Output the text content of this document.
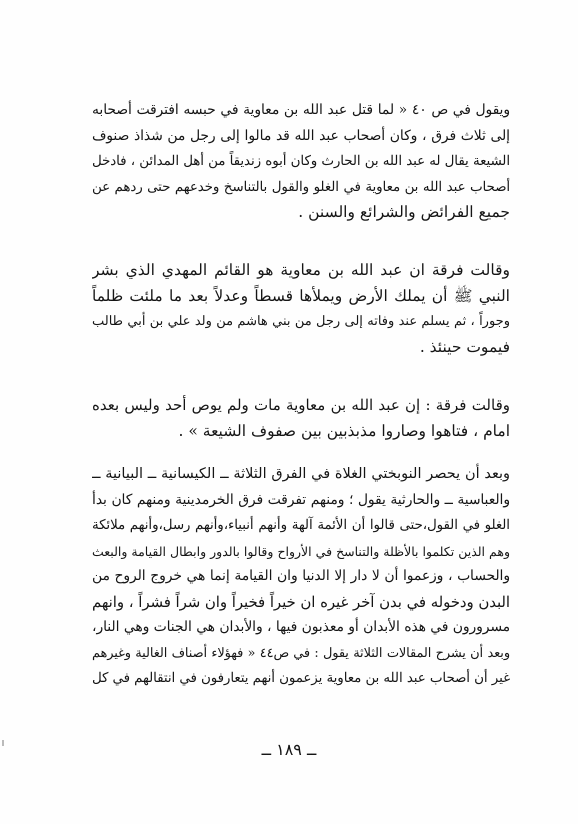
ويقول في ص ٤٠ « لما قتل عبد الله بن معاوية في حبسه افترقت أصحابه
إلى ثلاث فرق ، وكان أصحاب عبد الله قد مالوا إلى رجل من شذاذ صنوف
الشيعة يقال له عبد الله بن الحارث وكان أبوه زنديقاً من أهل المدائن ، فادخل
أصحاب عبد الله بن معاوية في الغلو والقول بالتناسخ وخدعهم حتى ردهم عن
جميع الفرائض والشرائع والسنن .
وقالت فرقة ان عبد الله بن معاوية هو القائم المهدي الذي بشر
النبي ﷺ أن يملك الأرض ويملأها قسطاً وعدلاً بعد ما ملئت ظلماً
وجوراً ، ثم يسلم عند وفاته إلى رجل من بني هاشم من ولد علي بن أبي طالب
فيموت حينئذ .
وقالت فرقة : إن عبد الله بن معاوية مات ولم يوص أحد وليس بعده
امام ، فتاهوا وصاروا مذبذبين بين صفوف الشيعة » .
وبعد أن يحصر النوبختي الغلاة في الفرق الثلاثة ــ الكيسانية ــ البيانية ــ
والعباسية ــ والحارثية يقول ؛ ومنهم تفرقت فرق الخرمدينية ومنهم كان بدأ
الغلو في القول،حتى قالوا أن الأئمة آلهة وأنهم أنبياء،وأنهم رسل،وأنهم ملائكة
وهم الذين تكلموا بالأظلة والتناسخ في الأرواح وقالوا بالدور وابطال القيامة والبعث
والحساب ، وزعموا أن لا دار إلا الدنيا وان القيامة إنما هي خروج الروح من
البدن ودخوله في بدن آخر غيره ان خيراً فخيراً وان شراً فشراً ، وانهم
مسرورون في هذه الأبدان أو معذبون فيها ، والأبدان هي الجنات وهي النار،
وبعد أن يشرح المقالات الثلاثة يقول : في ص٤٤ « فهؤلاء أصناف الغالية وغيرهم
غير أن أصحاب عبد الله بن معاوية يزعمون أنهم يتعارفون في انتقالهم في كل
ــ ١٨٩ ــ
